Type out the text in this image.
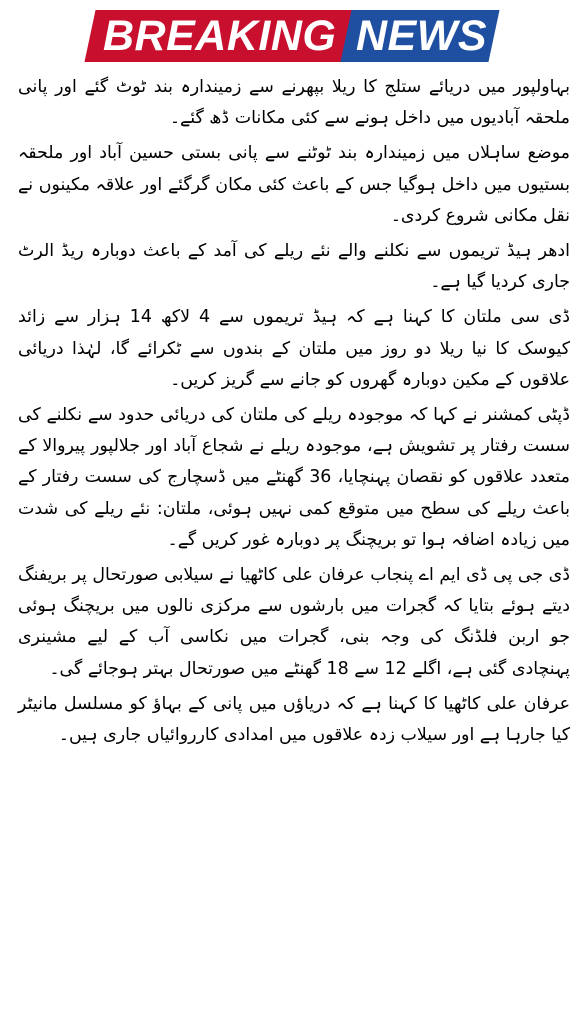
BREAKING NEWS

بہاولپور میں دریائے ستلج کا ریلا بپھرنے سے زمیندارہ بند ٹوٹ گئے اور پانی ملحقہ آبادیوں میں داخل ہونے سے کئی مکانات ڈھ گئے۔

موضع ساہلاں میں زمیندارہ بند ٹوٹنے سے پانی بستی حسین آباد اور ملحقہ بستیوں میں داخل ہوگیا جس کے باعث کئی مکان گرگئے اور علاقہ مکینوں نے نقل مکانی شروع کردی۔

ادھر ہیڈ تریموں سے نکلنے والے نئے ریلے کی آمد کے باعث دوبارہ ریڈ الرٹ جاری کردیا گیا ہے۔

ڈی سی ملتان کا کہنا ہے کہ ہیڈ تریموں سے 4 لاکھ 14 ہزار سے زائد کیوسک کا نیا ریلا دو روز میں ملتان کے بندوں سے ٹکرائے گا، لہٰذا دریائی علاقوں کے مکین دوبارہ گھروں کو جانے سے گریز کریں۔

ڈپٹی کمشنر نے کہا کہ موجودہ ریلے کی ملتان کی دریائی حدود سے نکلنے کی سست رفتار پر تشویش ہے، موجودہ ریلے نے شجاع آباد اور جلالپور پیروالا کے متعدد علاقوں کو نقصان پہنچایا، 36 گھنٹے میں ڈسچارج کی سست رفتار کے باعث ریلے کی سطح میں متوقع کمی نہیں ہوئی، ملتان: نئے ریلے کی شدت میں زیادہ اضافہ ہوا تو بریچنگ پر دوبارہ غور کریں گے۔

ڈی جی پی ڈی ایم اے پنجاب عرفان علی کاٹھیا نے سیلابی صورتحال پر بریفنگ دیتے ہوئے بتایا کہ گجرات میں بارشوں سے مرکزی نالوں میں بریچنگ ہوئی جو اربن فلڈنگ کی وجہ بنی، گجرات میں نکاسی آب کے لیے مشینری پہنچادی گئی ہے، اگلے 12 سے 18 گھنٹے میں صورتحال بہتر ہوجائے گی۔

عرفان علی کاٹھیا کا کہنا ہے کہ دریاؤں میں پانی کے بہاؤ کو مسلسل مانیٹر کیا جارہا ہے اور سیلاب زدہ علاقوں میں امدادی کارروائیاں جاری ہیں۔
